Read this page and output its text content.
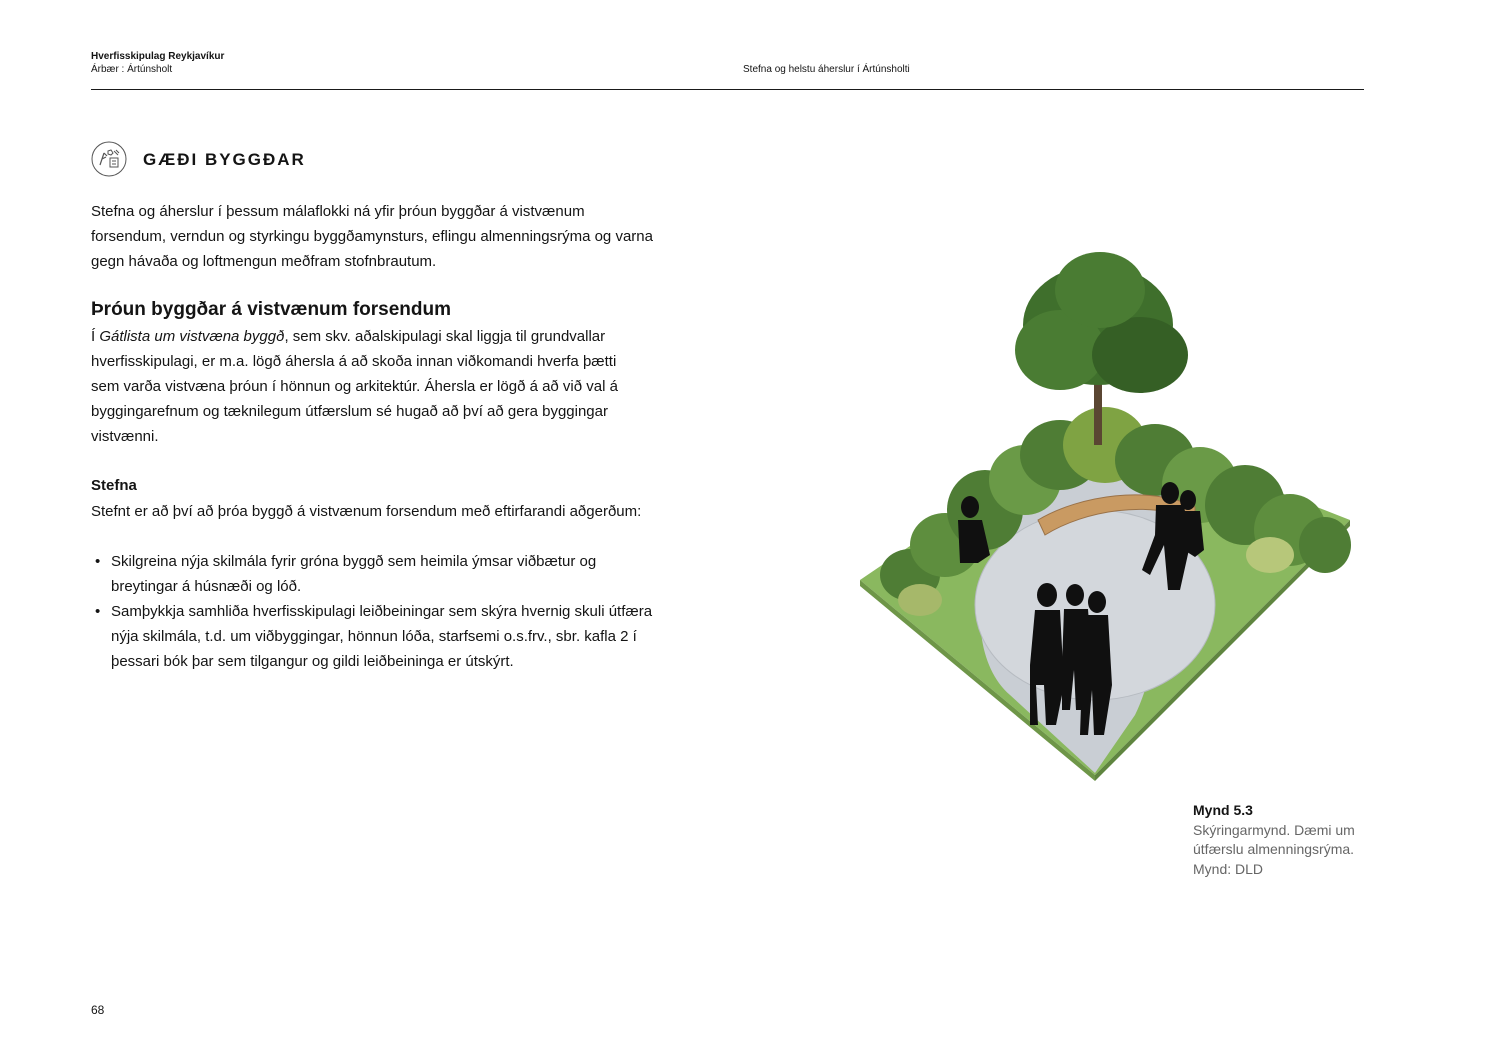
Hverfisskipulag Reykjavíkur
Árbær : Ártúnsholt	Stefna og helstu áherslur í Ártúnsholti
GÆÐI BYGGÐAR

Stefna og áherslur í þessum málaflokki ná yfir þróun byggðar á vistvænum
forsendum, verndun og styrkingu byggðamynsturs, eflingu almenningsrýma og varna
gegn hávaða og loftmengun meðfram stofnbrautum.

Þróun byggðar á vistvænum forsendum

Í Gátlista um vistvæna byggð, sem skv. aðalskipulagi skal liggja til grundvallar
hverfisskipulagi, er m.a. lögð áhersla á að skoða innan viðkomandi hverfa þætti
sem varða vistvæna þróun í hönnun og arkitektúr. Áhersla er lögð á að við val á
byggingarefnum og tæknilegum útfærslum sé hugað að því að gera byggingar
vistvænni.

Stefna

Stefnt er að því að þróa byggð á vistvænum forsendum með eftirfarandi aðgerðum:

• Skilgreina nýja skilmála fyrir gróna byggð sem heimila ýmsar viðbætur og
breytingar á húsnæði og lóð.
• Samþykkja samhliða hverfisskipulagi leiðbeiningar sem skýra hvernig skuli útfæra
nýja skilmála, t.d. um viðbyggingar, hönnun lóða, starfsemi o.s.frv., sbr. kafla 2 í
þessari bók þar sem tilgangur og gildi leiðbeininga er útskýrt.
Mynd 5.3
Skýringarmynd. Dæmi um
útfærslu almenningsrýma.
Mynd: DLD
68
